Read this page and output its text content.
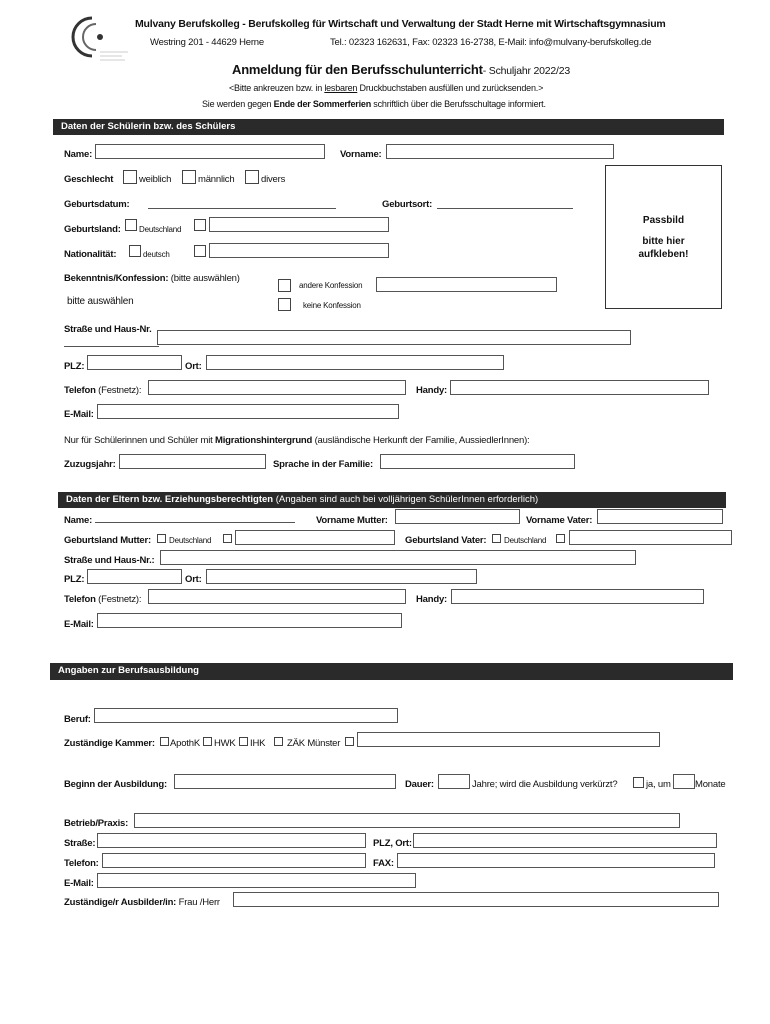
Mulvany Berufskolleg - Berufskolleg für Wirtschaft und Verwaltung der Stadt Herne mit Wirtschaftsgymnasium
Westring 201 - 44629 Herne	Tel.: 02323 162631, Fax: 02323 16-2738, E-Mail: info@mulvany-berufskolleg.de
Anmeldung für den Berufsschulunterricht- Schuljahr 2022/23
<Bitte ankreuzen bzw. in lesbaren Druckbuchstaben ausfüllen und zurücksenden.>
Sie werden gegen Ende der Sommerferien schriftlich über die Berufsschultage informiert.
Daten der Schülerin bzw. des Schülers
Name:	Vorname:
Geschlecht	weiblich	männlich	divers
Geburtsdatum:	Geburtsort:
Geburtsland: Deutschland
Nationalität:	deutsch
Bekenntnis/Konfession: (bitte auswählen)
bitte auswählen
andere Konfession
keine Konfession
Passbild
bitte hier
aufkleben!
Straße und Haus-Nr.
PLZ:	Ort:
Telefon (Festnetz):	Handy:
E-Mail:
Nur für Schülerinnen und Schüler mit Migrationshintergrund (ausländische Herkunft der Familie, AussiedlerInnen):
Zuzugsjahr:	Sprache in der Familie:
Daten der Eltern bzw. Erziehungsberechtigten (Angaben sind auch bei volljährigen SchülerInnen erforderlich)
Name:	Vorname Mutter:	Vorname Vater:
Geburtsland Mutter: Deutschland	Geburtsland Vater: Deutschland
Straße und Haus-Nr.:
PLZ:	Ort:
Telefon (Festnetz):	Handy:
E-Mail:
Angaben zur Berufsausbildung
Beruf:
Zuständige Kammer: ApothK HWK IHK ZÄK Münster
Beginn der Ausbildung:	Dauer:	Jahre; wird die Ausbildung verkürzt?	ja, um	Monate
Betrieb/Praxis:
Straße:	PLZ, Ort:
Telefon:	FAX:
E-Mail:
Zuständige/r Ausbilder/in: Frau /Herr
